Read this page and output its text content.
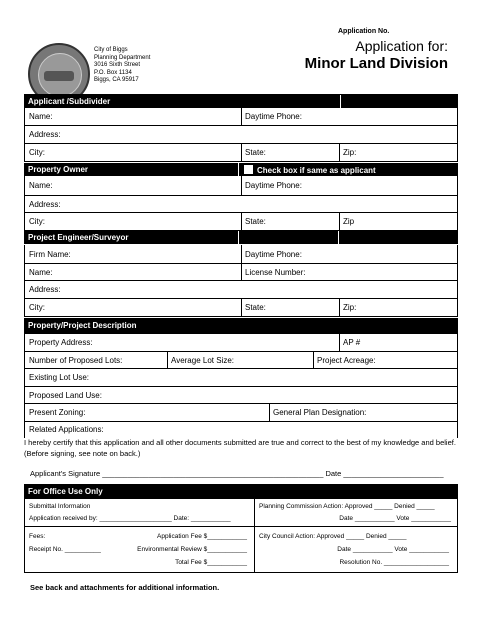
Application No.
City of Biggs
Planning Department
3016 Sixth Street
P.O. Box 1134
Biggs, CA 95917
Application for:
Minor Land Division
Applicant /Subdivider
Name:	Daytime Phone:
Address:
City:	State:	Zip:
Property Owner	Check box if same as applicant
Name:	Daytime Phone:
Address:
City:	State:	Zip
Project Engineer/Surveyor
Firm Name:	Daytime Phone:
Name:	License Number:
Address:
City:	State:	Zip:
Property/Project Description
Property Address:	AP #
Number of Proposed Lots:	Average Lot Size:	Project Acreage:
Existing Lot Use:
Proposed Land Use:
Present Zoning:	General Plan Designation:
Related Applications:
I hereby certify that this application and all other documents submitted are true and correct to the best of my knowledge and belief. (Before signing, see note on back.)
Applicant's Signature _____________________________________________________ Date ________________________
For Office Use Only
Submittal Information
Application received by: ____________________ Date: ___________
Planning Commission Action: Approved _____ Denied _____
Date ___________ Vote ___________
Fees:	Application Fee $___________
Receipt No. __________	Environmental Review $___________
Total Fee $___________
City Council Action: Approved _____ Denied _____
Date ___________ Vote ___________
Resolution No. __________________
See back and attachments for additional information.
